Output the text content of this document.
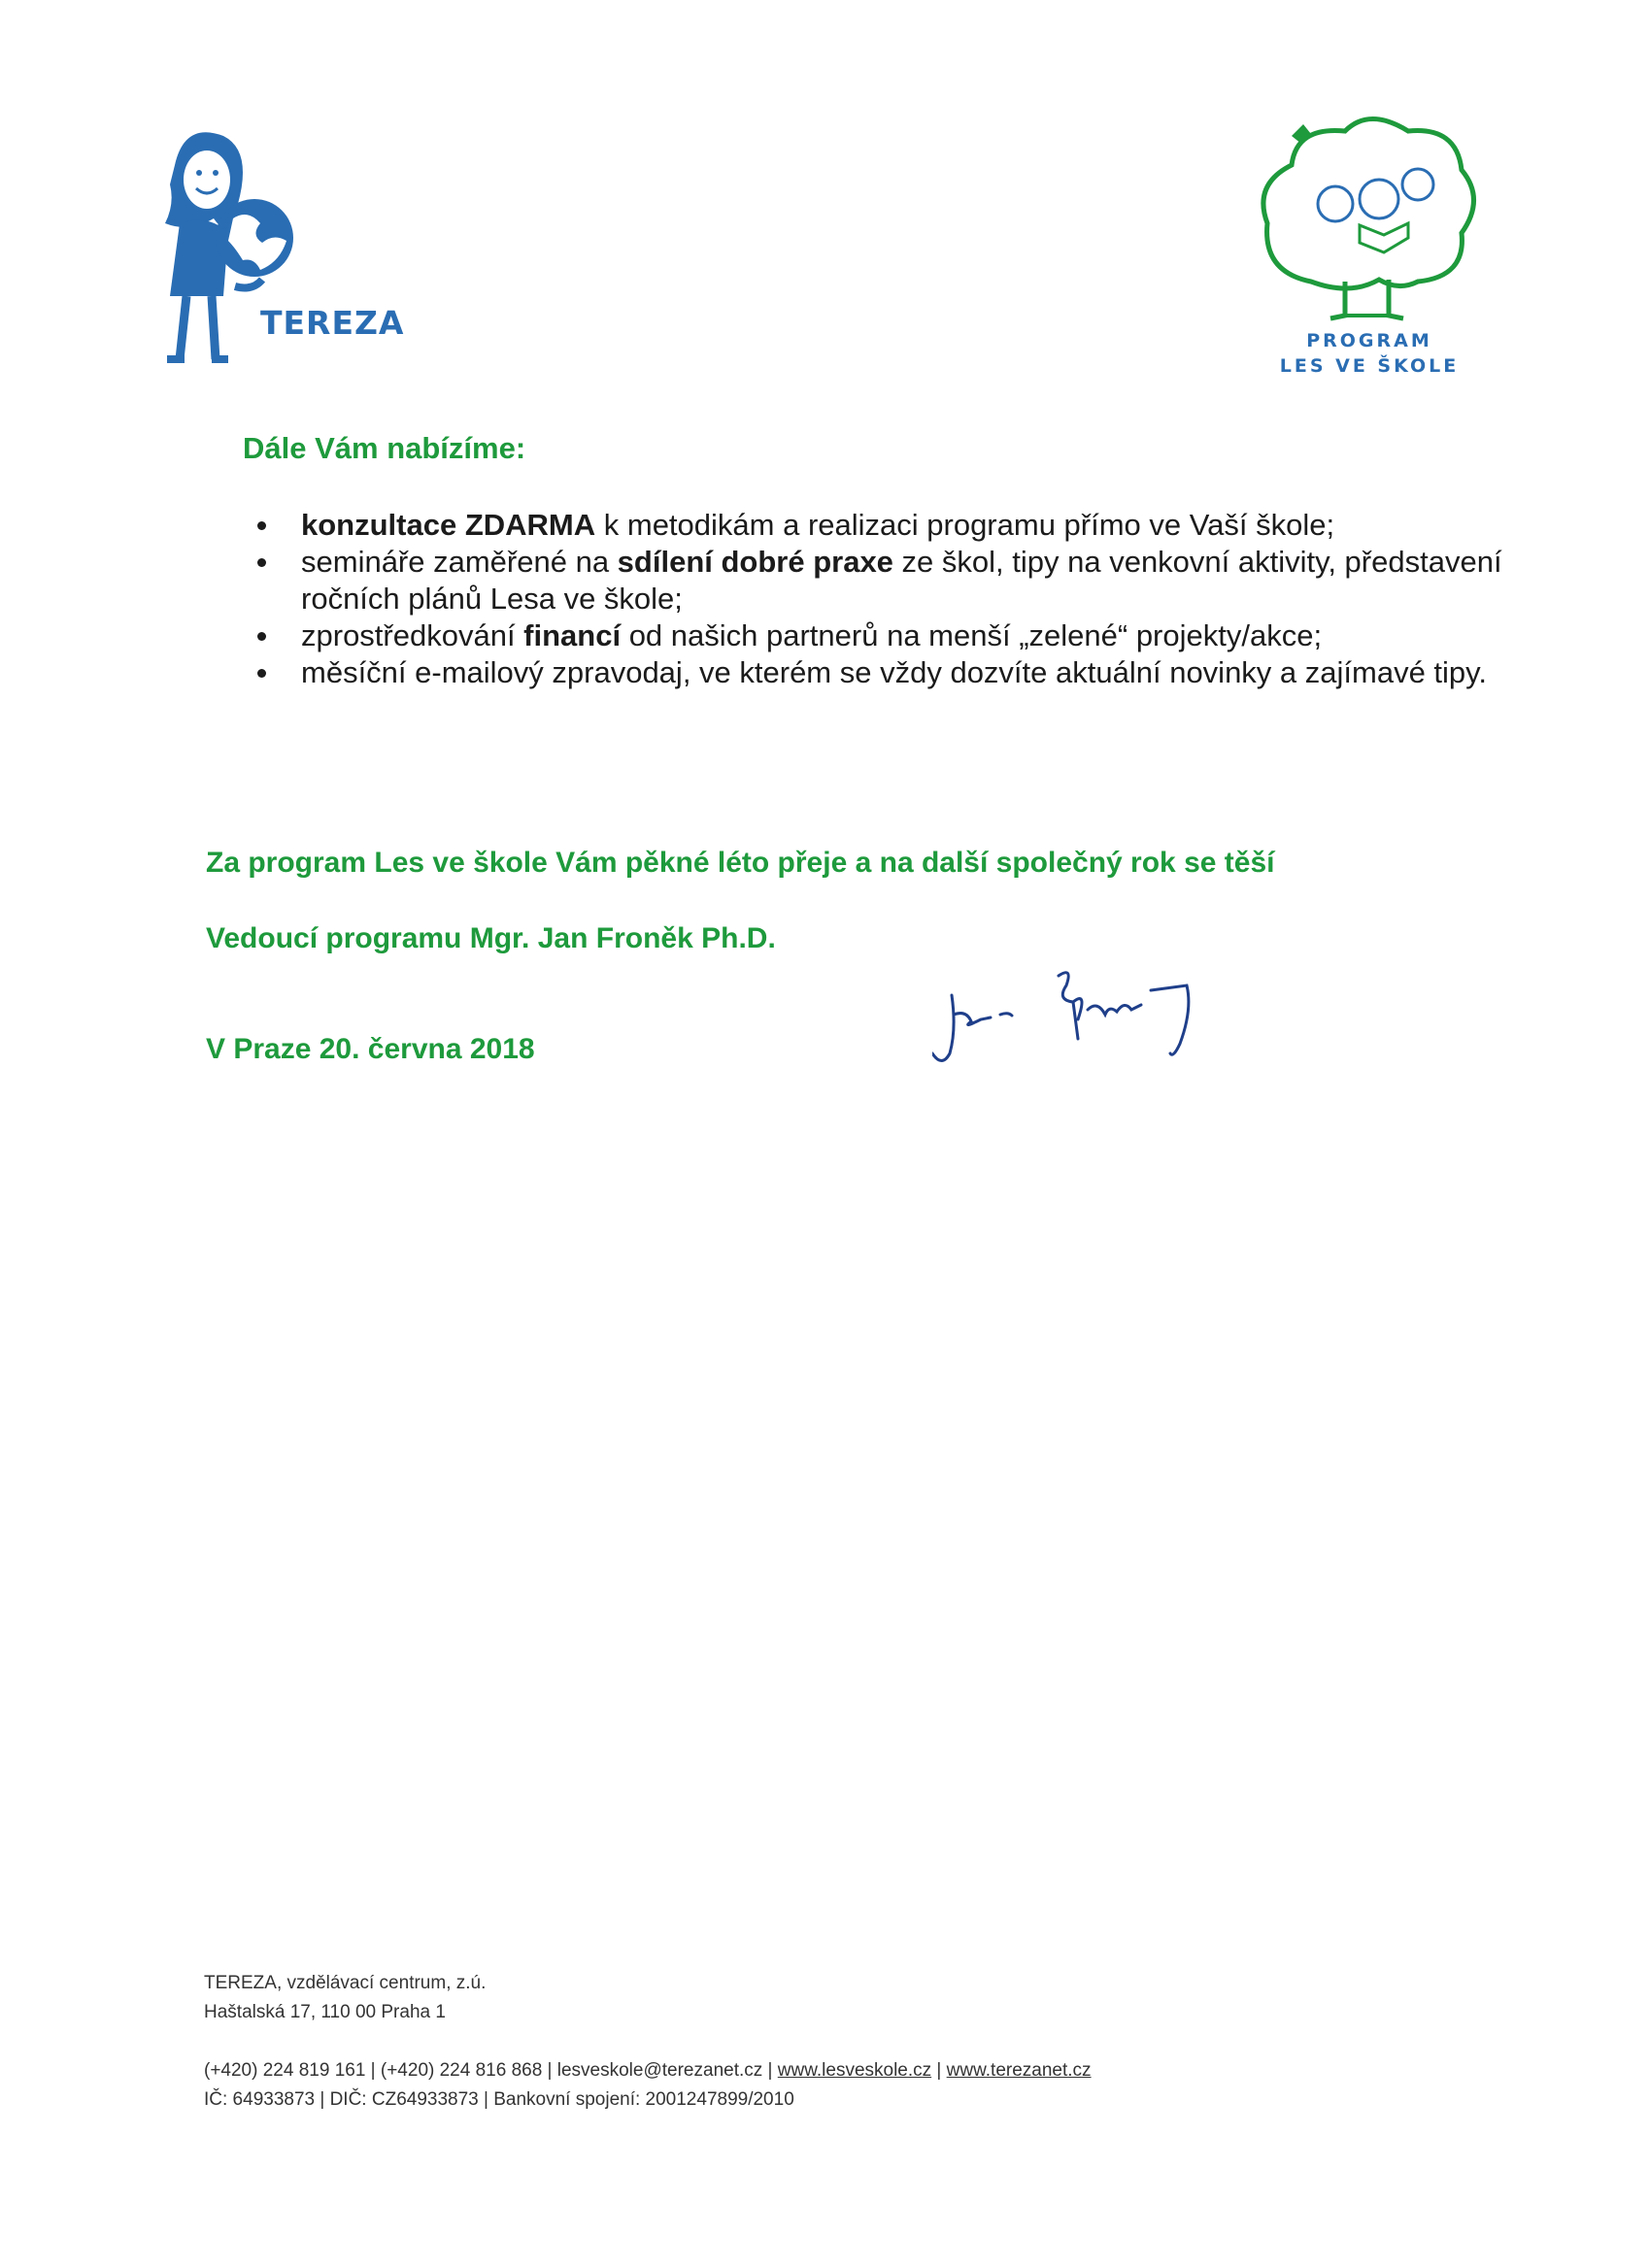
TEREZA	PROGRAM
LES VE ŠKOLE
Dále Vám nabízíme:
konzultace ZDARMA k metodikám a realizaci programu přímo ve Vaší škole;
semináře zaměřené na sdílení dobré praxe ze škol, tipy na venkovní aktivity, představení ročních plánů Lesa ve škole;
zprostředkování financí od našich partnerů na menší „zelené“ projekty/akce;
měsíční e-mailový zpravodaj, ve kterém se vždy dozvíte aktuální novinky a zajímavé tipy.
Za program Les ve škole Vám pěkné léto přeje a na další společný rok se těší
Vedoucí programu Mgr. Jan Froněk Ph.D.
V Praze 20. června 2018
TEREZA, vzdělávací centrum, z.ú.
Haštalská 17, 110 00 Praha 1
(+420) 224 819 161 | (+420) 224 816 868 | lesveskole@terezanet.cz | www.lesveskole.cz | www.terezanet.cz
IČ: 64933873 | DIČ: CZ64933873 | Bankovní spojení: 2001247899/2010
